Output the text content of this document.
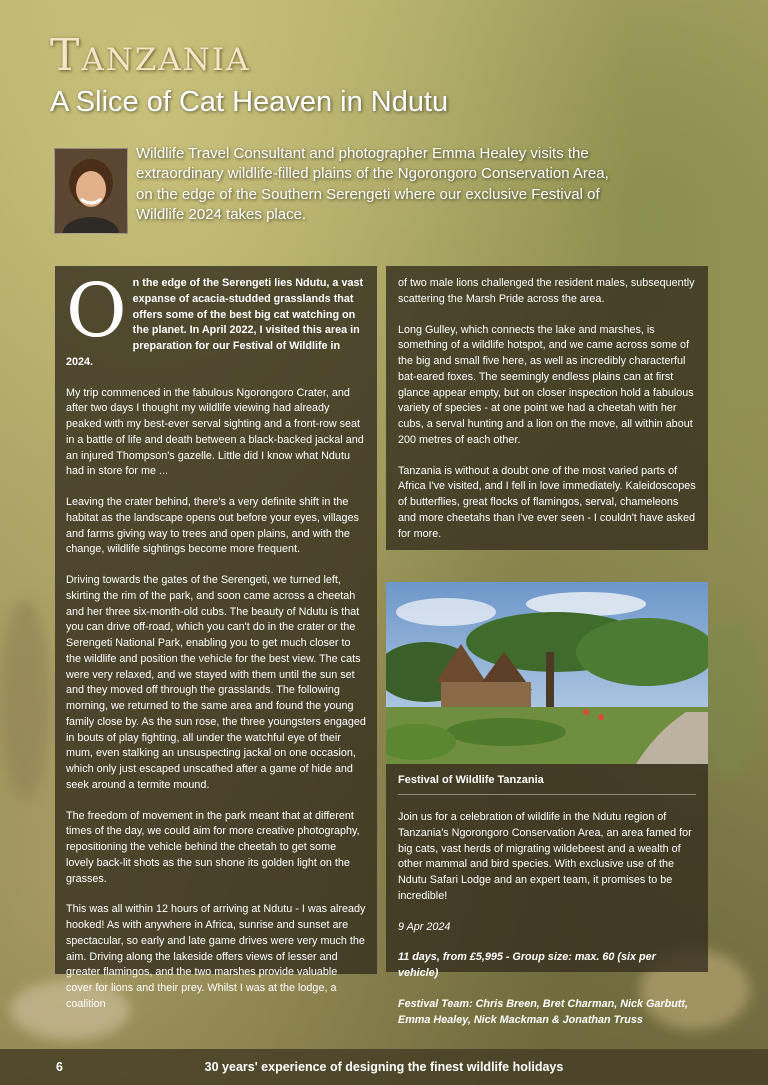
Tanzania
A Slice of Cat Heaven in Ndutu

Wildlife Travel Consultant and photographer Emma Healey visits the extraordinary wildlife-filled plains of the Ngorongoro Conservation Area, on the edge of the Southern Serengeti where our exclusive Festival of Wildlife 2024 takes place.

On the edge of the Serengeti lies Ndutu, a vast expanse of acacia-studded grasslands that offers some of the best big cat watching on the planet. In April 2022, I visited this area in preparation for our Festival of Wildlife in 2024.

My trip commenced in the fabulous Ngorongoro Crater, and after two days I thought my wildlife viewing had already peaked with my best-ever serval sighting and a front-row seat in a battle of life and death between a black-backed jackal and an injured Thompson's gazelle. Little did I know what Ndutu had in store for me ...

Leaving the crater behind, there's a very definite shift in the habitat as the landscape opens out before your eyes, villages and farms giving way to trees and open plains, and with the change, wildlife sightings become more frequent.

Driving towards the gates of the Serengeti, we turned left, skirting the rim of the park, and soon came across a cheetah and her three six-month-old cubs. The beauty of Ndutu is that you can drive off-road, which you can't do in the crater or the Serengeti National Park, enabling you to get much closer to the wildlife and position the vehicle for the best view. The cats were very relaxed, and we stayed with them until the sun set and they moved off through the grasslands. The following morning, we returned to the same area and found the young family close by. As the sun rose, the three youngsters engaged in bouts of play fighting, all under the watchful eye of their mum, even stalking an unsuspecting jackal on one occasion, which only just escaped unscathed after a game of hide and seek around a termite mound.

The freedom of movement in the park meant that at different times of the day, we could aim for more creative photography, repositioning the vehicle behind the cheetah to get some lovely back-lit shots as the sun shone its golden light on the grasses.

This was all within 12 hours of arriving at Ndutu - I was already hooked! As with anywhere in Africa, sunrise and sunset are spectacular, so early and late game drives were very much the aim. Driving along the lakeside offers views of lesser and greater flamingos, and the two marshes provide valuable cover for lions and their prey. Whilst I was at the lodge, a coalition

of two male lions challenged the resident males, subsequently scattering the Marsh Pride across the area.

Long Gulley, which connects the lake and marshes, is something of a wildlife hotspot, and we came across some of the big and small five here, as well as incredibly characterful bat-eared foxes. The seemingly endless plains can at first glance appear empty, but on closer inspection hold a fabulous variety of species - at one point we had a cheetah with her cubs, a serval hunting and a lion on the move, all within about 200 metres of each other.

Tanzania is without a doubt one of the most varied parts of Africa I've visited, and I fell in love immediately. Kaleidoscopes of butterflies, great flocks of flamingos, serval, chameleons and more cheetahs than I've ever seen - I couldn't have asked for more.

Festival of Wildlife Tanzania

Join us for a celebration of wildlife in the Ndutu region of Tanzania's Ngorongoro Conservation Area, an area famed for big cats, vast herds of migrating wildebeest and a wealth of other mammal and bird species. With exclusive use of the Ndutu Safari Lodge and an expert team, it promises to be incredible!

9 Apr 2024

11 days, from £5,995 - Group size: max. 60 (six per vehicle)

Festival Team: Chris Breen, Bret Charman, Nick Garbutt, Emma Healey, Nick Mackman & Jonathan Truss

30 years' experience of designing the finest wildlife holidays
6
